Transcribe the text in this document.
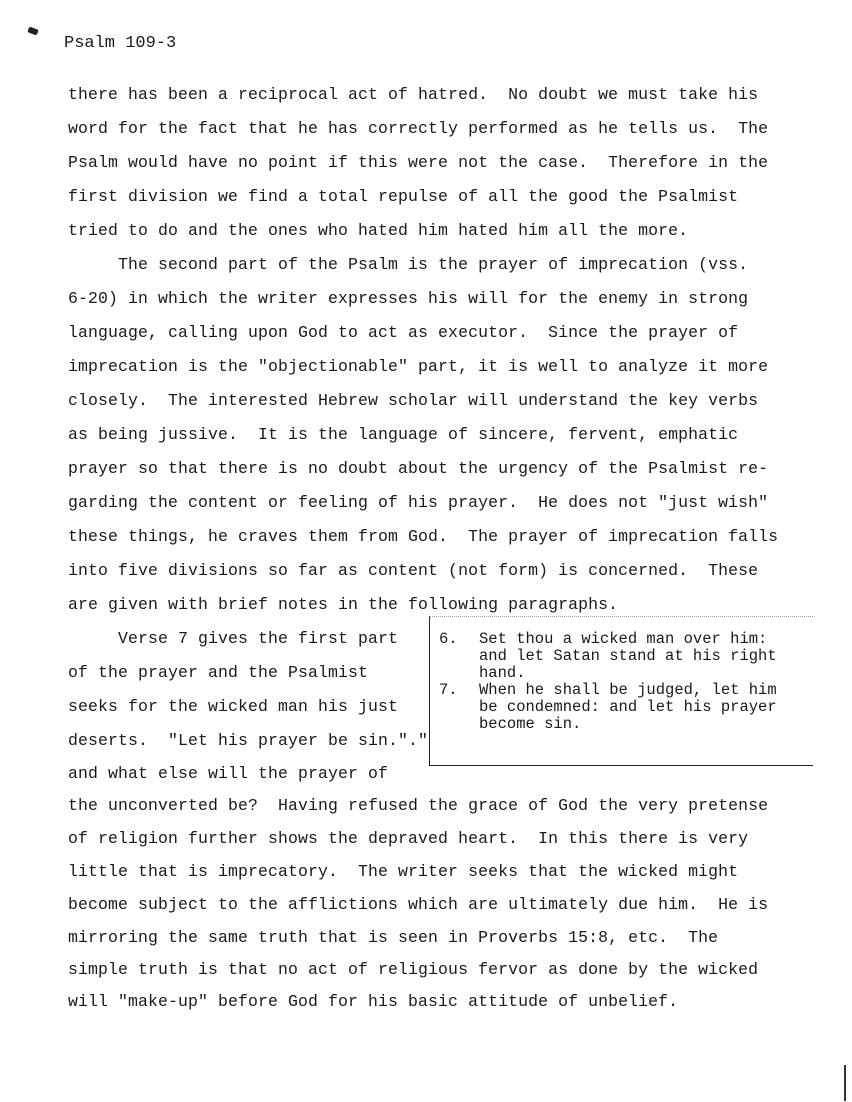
Psalm 109-3
there has been a reciprocal act of hatred.  No doubt we must take his
word for the fact that he has correctly performed as he tells us.  The
Psalm would have no point if this were not the case.  Therefore in the
first division we find a total repulse of all the good the Psalmist
tried to do and the ones who hated him hated him all the more.
The second part of the Psalm is the prayer of imprecation (vss.
6-20) in which the writer expresses his will for the enemy in strong
language, calling upon God to act as executor.  Since the prayer of
imprecation is the "objectionable" part, it is well to analyze it more
closely.  The interested Hebrew scholar will understand the key verbs
as being jussive.  It is the language of sincere, fervent, emphatic
prayer so that there is no doubt about the urgency of the Psalmist re-
garding the content or feeling of his prayer.  He does not "just wish"
these things, he craves them from God.  The prayer of imprecation falls
into five divisions so far as content (not form) is concerned.  These
are given with brief notes in the following paragraphs.
Verse 7 gives the first part
of the prayer and the Psalmist
seeks for the wicked man his just
deserts.  "Let his prayer be sin."."
and what else will the prayer of
the unconverted be?  Having refused the grace of God the very pretense
of religion further shows the depraved heart.  In this there is very
little that is imprecatory.  The writer seeks that the wicked might
become subject to the afflictions which are ultimately due him.  He is
mirroring the same truth that is seen in Proverbs 15:8, etc.  The
simple truth is that no act of religious fervor as done by the wicked
will "make-up" before God for his basic attitude of unbelief.
6. Set thou a wicked man over him:
and let Satan stand at his right
hand.
7. When he shall be judged, let him
be condemned: and let his prayer
become sin.
